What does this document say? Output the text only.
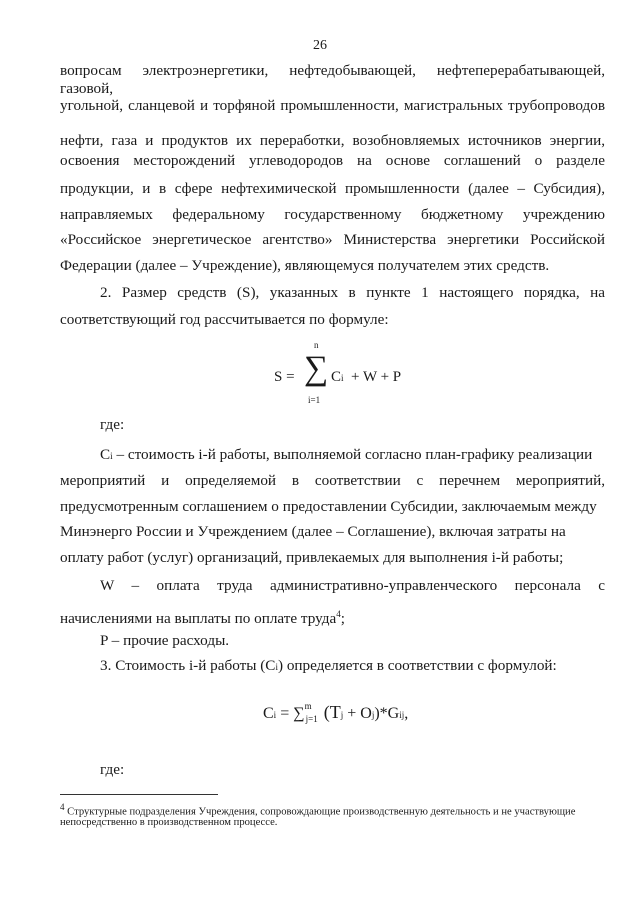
26
вопросам электроэнергетики, нефтедобывающей, нефтеперерабатывающей, газовой,
угольной, сланцевой и торфяной промышленности, магистральных трубопроводов
нефти, газа и продуктов их переработки, возобновляемых источников энергии,
освоения месторождений углеводородов на основе соглашений о разделе
продукции, и в сфере нефтехимической промышленности (далее – Субсидия),
направляемых федеральному государственному бюджетному учреждению
«Российское энергетическое агентство» Министерства энергетики Российской
Федерации (далее – Учреждение), являющемуся получателем этих средств.
2. Размер средств (S), указанных в пункте 1 настоящего порядка, на
соответствующий год рассчитывается по формуле:
S =
n
∑
i=1
Ci + W + P
где:
Ci – стоимость i-й работы, выполняемой согласно план-графику реализации
мероприятий и определяемой в соответствии с перечнем мероприятий,
предусмотренным соглашением о предоставлении Субсидии, заключаемым между
Минэнерго России и Учреждением (далее – Соглашение), включая затраты на
оплату работ (услуг) организаций, привлекаемых для выполнения i-й работы;
W – оплата труда административно-управленческого персонала с
начислениями на выплаты по оплате труда$^4$;
P – прочие расходы.
3. Стоимость i-й работы (Ci) определяется в соответствии с формулой:
Ci = ∑$^m_{j=1}$ (Tj + Oj)*Gij,
где:
$^4$ Структурные подразделения Учреждения, сопровождающие производственную деятельность и не участвующие
непосредственно в производственном процессе.
